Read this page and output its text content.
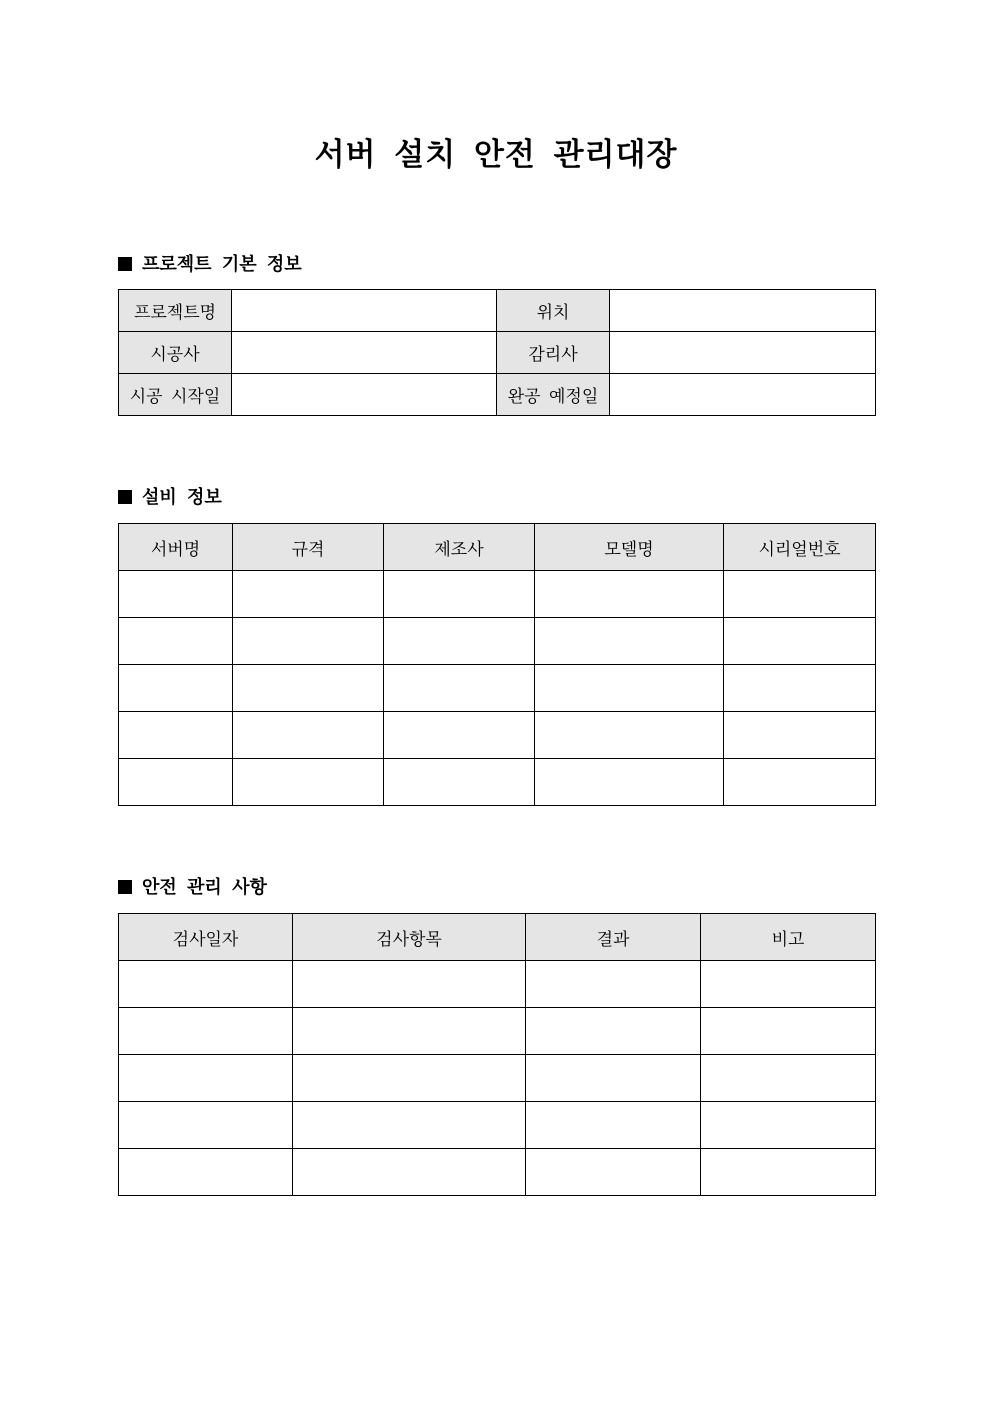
서버 설치 안전 관리대장
프로젝트 기본 정보
프로젝트명		위치	
시공사		감리사	
시공 시작일		완공 예정일	
설비 정보
서버명	규격	제조사	모델명	시리얼번호

안전 관리 사항
검사일자	검사항목	결과	비고
